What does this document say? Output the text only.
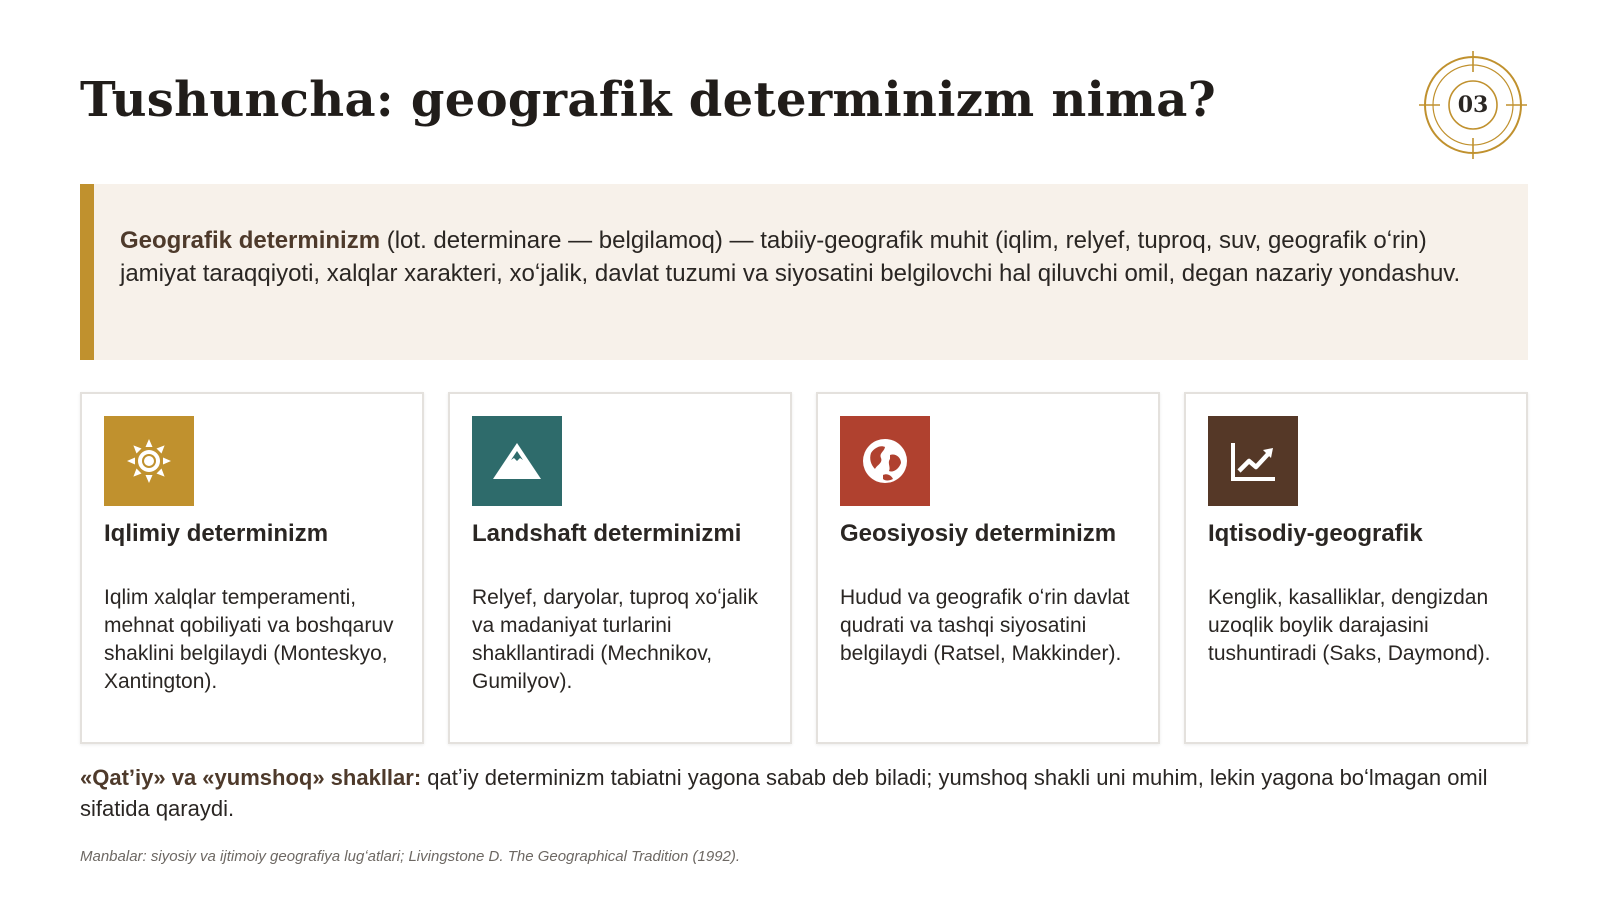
Tushuncha: geografik determinizm nima?	03
Geografik determinizm (lot. determinare — belgilamoq) — tabiiy-geografik muhit (iqlim, relyef, tuproq, suv, geografik oʻrin) jamiyat taraqqiyoti, xalqlar xarakteri, xoʻjalik, davlat tuzumi va siyosatini belgilovchi hal qiluvchi omil, degan nazariy yondashuv.
Iqlimiy determinizm
Iqlim xalqlar temperamenti, mehnat qobiliyati va boshqaruv shaklini belgilaydi (Monteskyo, Xantington).
Landshaft determinizmi
Relyef, daryolar, tuproq xoʻjalik va madaniyat turlarini shakllantiradi (Mechnikov, Gumilyov).
Geosiyosiy determinizm
Hudud va geografik oʻrin davlat qudrati va tashqi siyosatini belgilaydi (Ratsel, Makkinder).
Iqtisodiy-geografik
Kenglik, kasalliklar, dengizdan uzoqlik boylik darajasini tushuntiradi (Saks, Daymond).
«Qatʼiy» va «yumshoq» shakllar: qatʼiy determinizm tabiatni yagona sabab deb biladi; yumshoq shakli uni muhim, lekin yagona boʻlmagan omil sifatida qaraydi.
Manbalar: siyosiy va ijtimoiy geografiya lugʻatlari; Livingstone D. The Geographical Tradition (1992).
